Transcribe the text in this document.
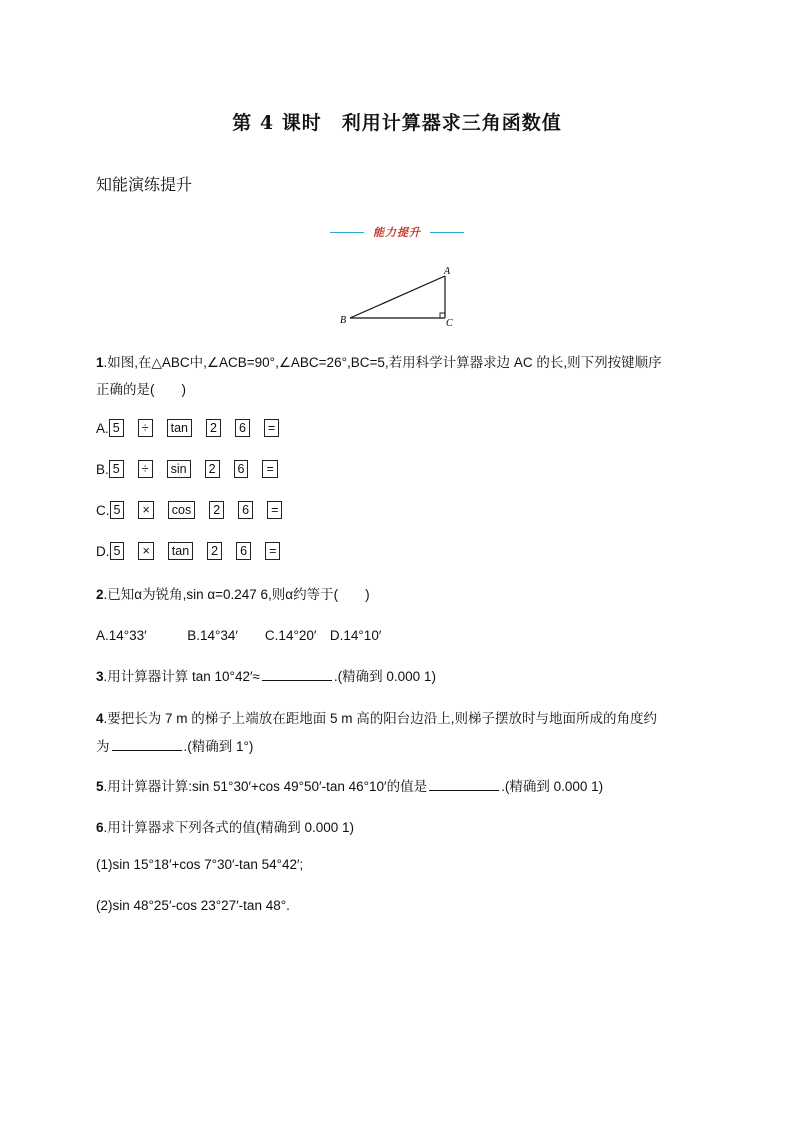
第 4 课时　利用计算器求三角函数值
知能演练提升
能力提升
A
B	C
1.如图,在△ABC中,∠ACB=90°,∠ABC=26°,BC=5,若用科学计算器求边 AC 的长,则下列按键顺序
正确的是(　　)
A. 5	÷	tan	2	6	=
B. 5	÷	sin	2	6	=
C. 5	×	cos	2	6	=
D. 5	×	tan	2	6	=
2.已知α为锐角,sin α=0.247 6,则α约等于(　　)
A.14°33′　　　B.14°34′　　C.14°20′　D.14°10′
3.用计算器计算 tan 10°42′≈	.(精确到 0.000 1)
4.要把长为 7 m 的梯子上端放在距地面 5 m 高的阳台边沿上,则梯子摆放时与地面所成的角度约
为	.(精确到 1°)
5.用计算器计算:sin 51°30′+cos 49°50′-tan 46°10′的值是	.(精确到 0.000 1)
6.用计算器求下列各式的值(精确到 0.000 1)
(1)sin 15°18′+cos 7°30′-tan 54°42′;
(2)sin 48°25′-cos 23°27′-tan 48°.
